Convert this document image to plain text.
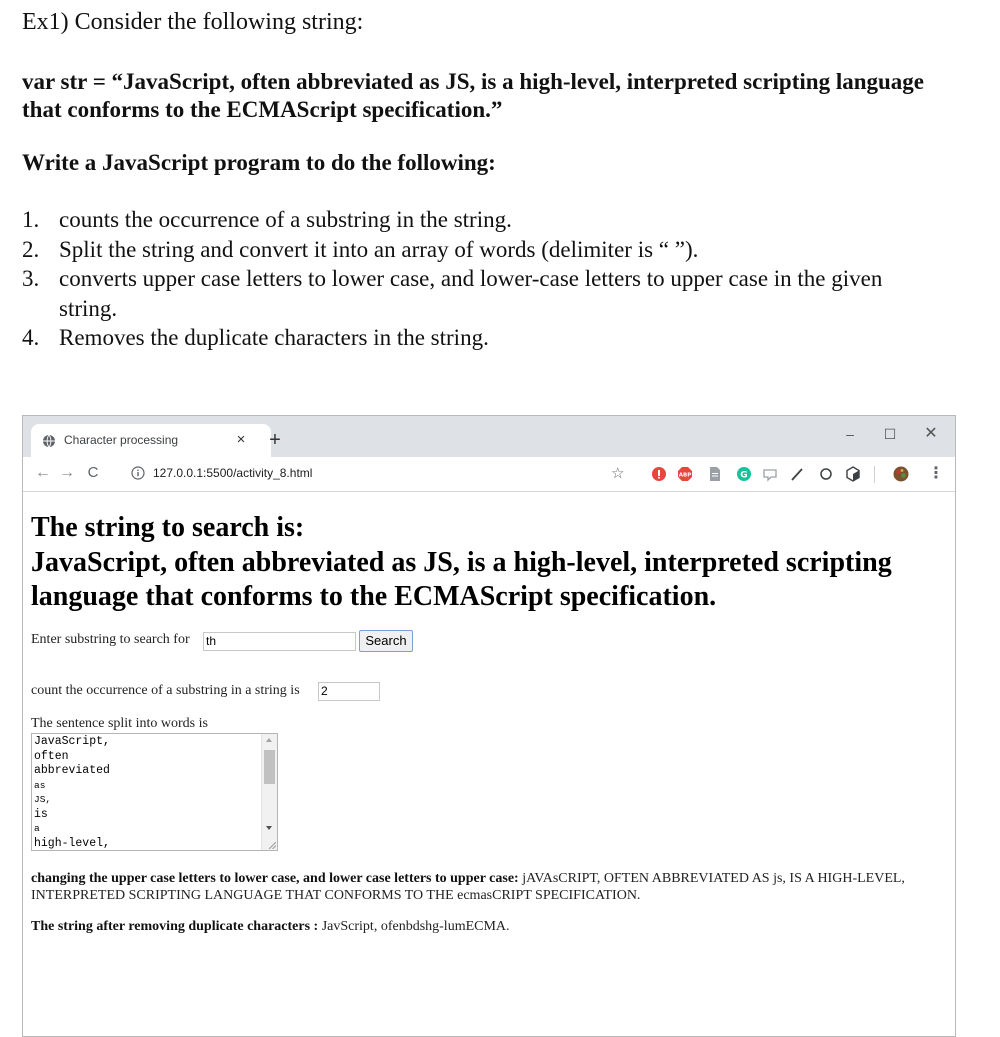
Ex1) Consider the following string:
var str = “JavaScript, often abbreviated as JS, is a high-level, interpreted scripting language that conforms to the ECMAScript specification.”
Write a JavaScript program to do the following:
1. counts the occurrence of a substring in the string.
2. Split the string and convert it into an array of words (delimiter is “ ”).
3. converts upper case letters to lower case, and lower-case letters to upper case in the given string.
4. Removes the duplicate characters in the string.
Character processing	×	+	–	☐	✕
← → C	127.0.0.1:5500/activity_8.html	☆	ABP	G	⋮
The string to search is:
JavaScript, often abbreviated as JS, is a high-level, interpreted scripting language that conforms to the ECMAScript specification.
Enter substring to search for th	Search
count the occurrence of a substring in a string is 2
The sentence split into words is
JavaScript,
often
abbreviated
as
JS,
is
a
high-level,
changing the upper case letters to lower case, and lower case letters to upper case: jAVAsCRIPT, OFTEN ABBREVIATED AS js, IS A HIGH-LEVEL, INTERPRETED SCRIPTING LANGUAGE THAT CONFORMS TO THE ecmasCRIPT SPECIFICATION.
The string after removing duplicate characters : JavScript, ofenbdshg-lumECMA.
